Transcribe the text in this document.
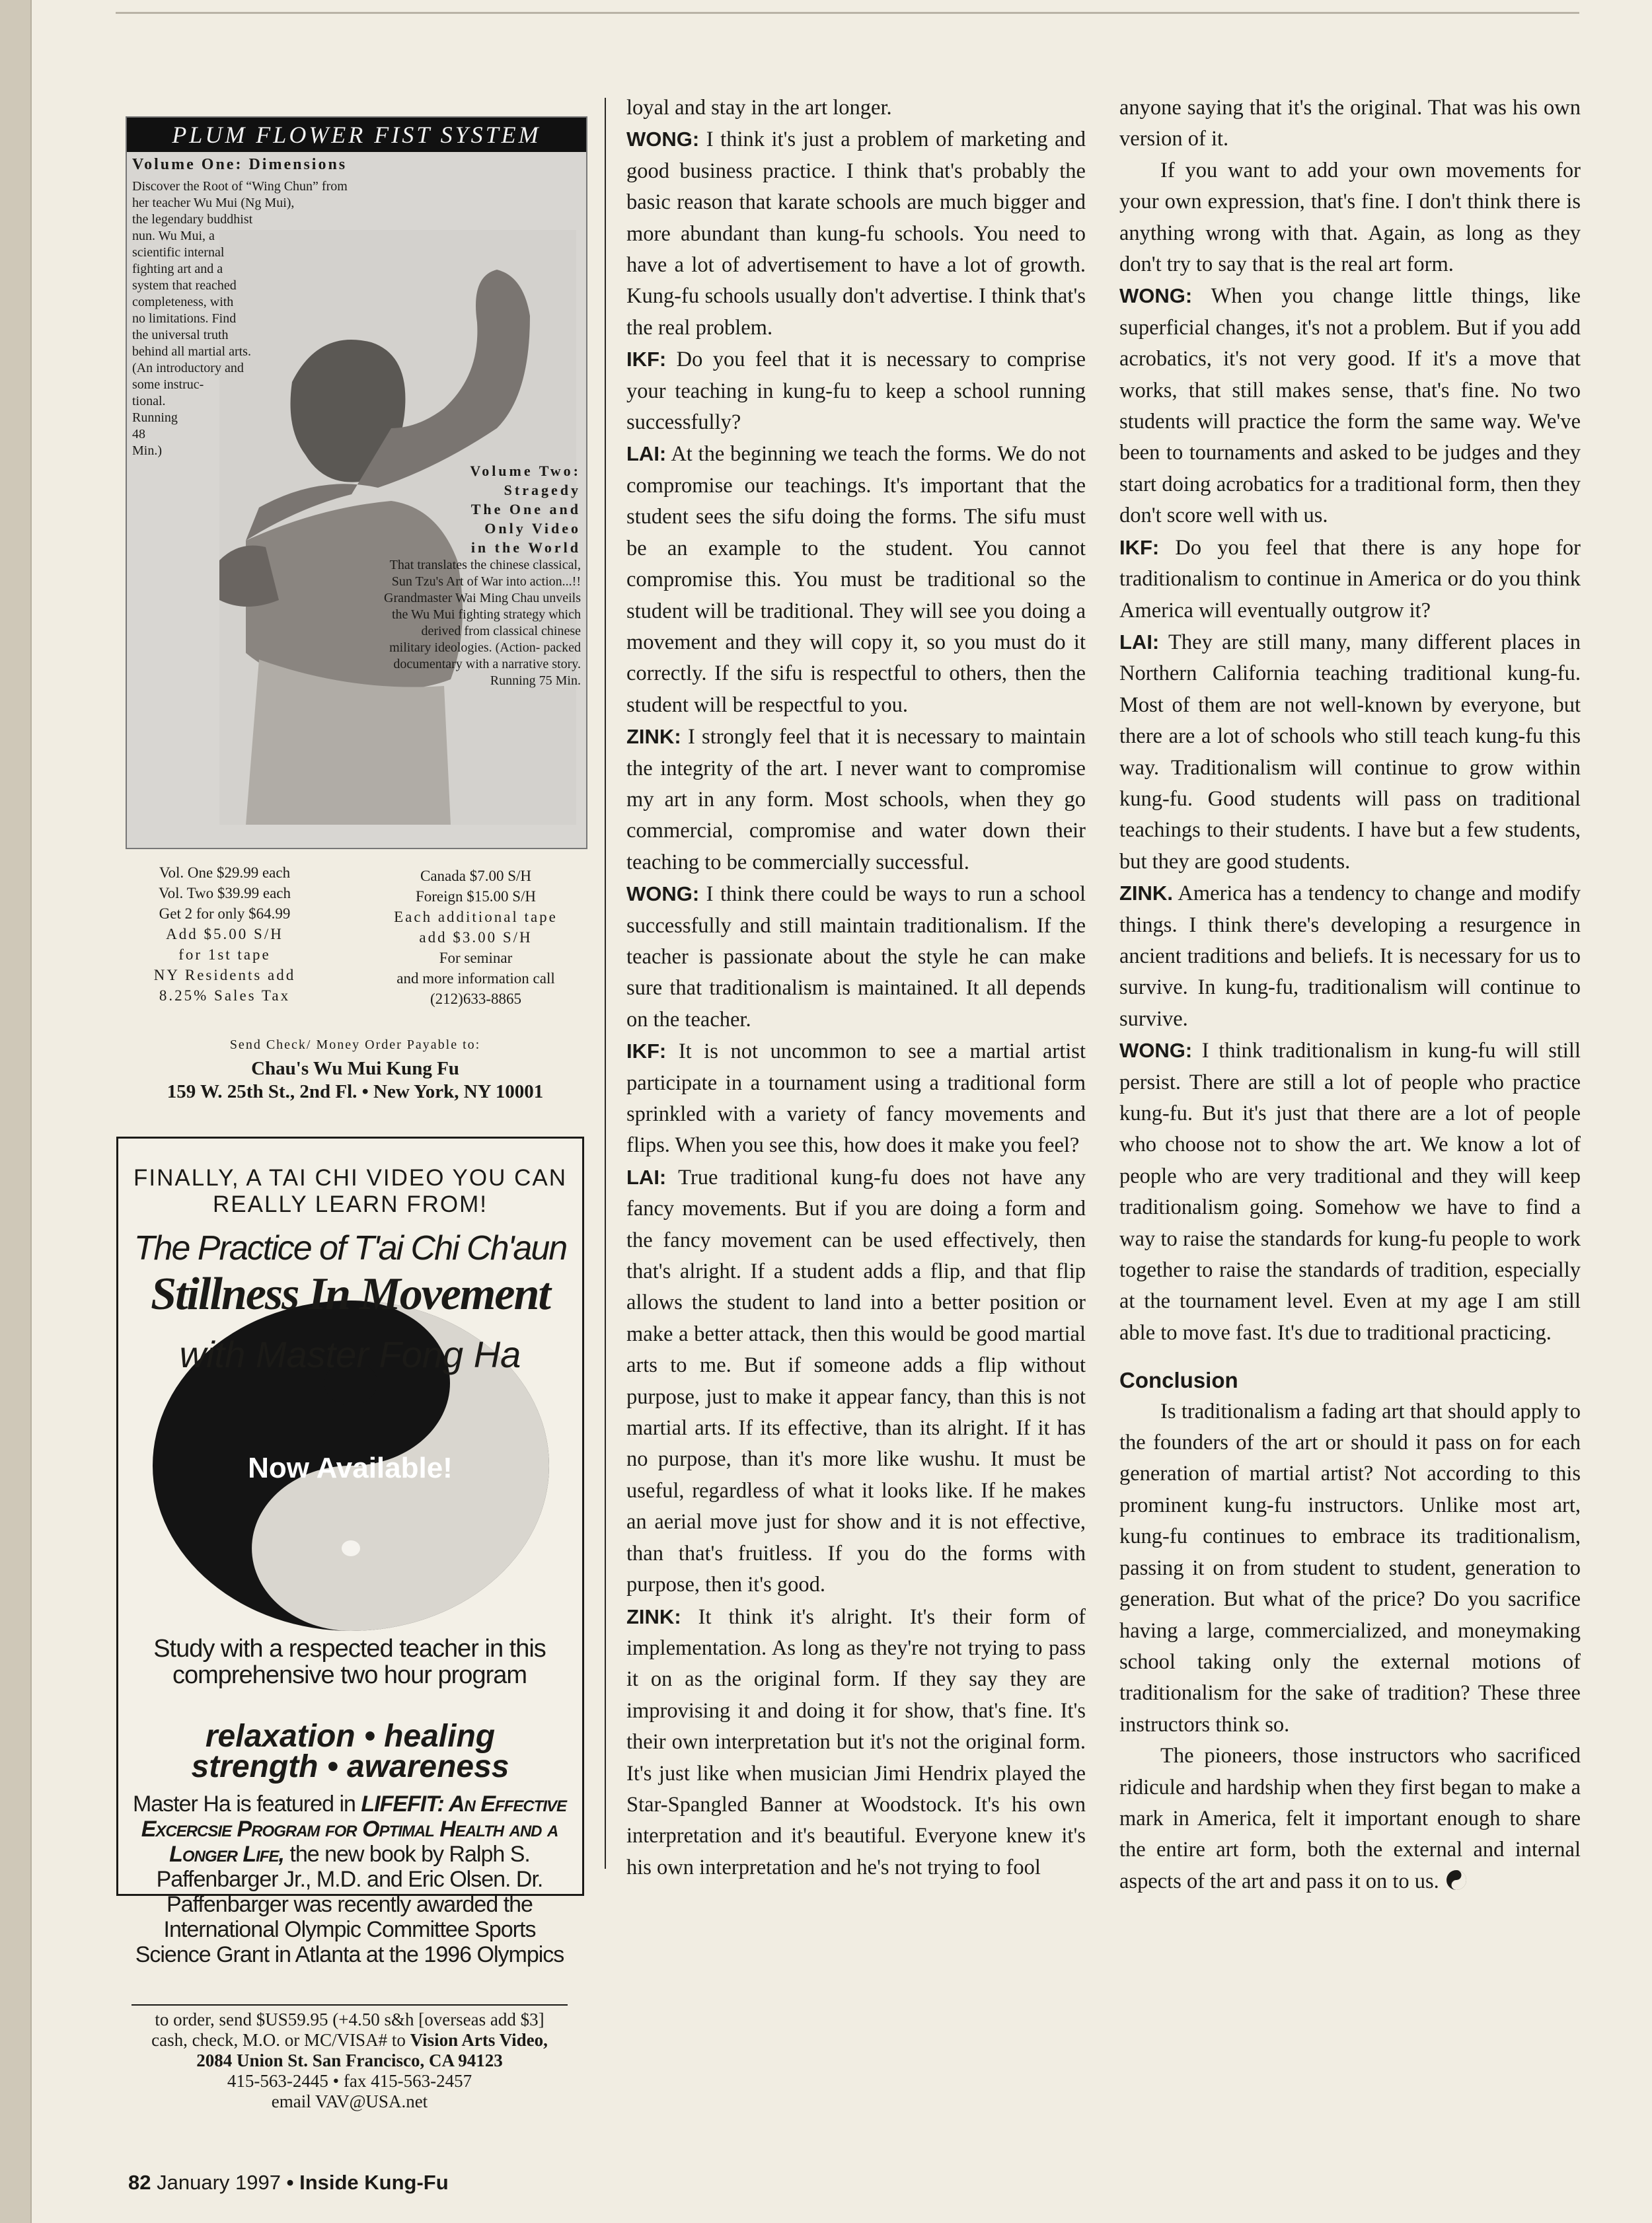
PLUM FLOWER FIST SYSTEM
Volume One: Dimensions
Discover the Root of “Wing Chun” from
her teacher Wu Mui (Ng Mui),
the legendary buddhist
nun. Wu Mui, a
scientific internal
fighting art and a
system that reached
completeness, with
no limitations. Find
the universal truth
behind all martial arts.
(An introductory and
some instruc-
tional.
Running
48
Min.)
Volume Two:
Stragedy
The One and
Only Video
in the World
That translates the chinese classical, Sun Tzu's Art of War into action...!! Grandmaster Wai Ming Chau unveils the Wu Mui fighting strategy which derived from classical chinese military ideologies. (Action- packed documentary with a narrative story. Running 75 Min.
Vol. One $29.99 each
Vol. Two $39.99 each
Get 2 for only $64.99
Add $5.00 S/H
for 1st tape
NY Residents add
8.25% Sales Tax
Canada $7.00 S/H
Foreign $15.00 S/H
Each additional tape
add $3.00 S/H
For seminar
and more information call
(212)633-8865
Send Check/ Money Order Payable to:
Chau's Wu Mui Kung Fu
159 W. 25th St., 2nd Fl. • New York, NY 10001
FINALLY, A TAI CHI VIDEO YOU CAN REALLY LEARN FROM!
The Practice of T'ai Chi Ch'aun
Stillness In Movement
with Master Fong Ha
Now Available!
Study with a respected teacher in this comprehensive two hour program
relaxation • healing
strength • awareness
Master Ha is featured in LIFEFIT: An Effective Excercsie Program for Optimal Health and a Longer Life, the new book by Ralph S. Paffenbarger Jr., M.D. and Eric Olsen. Dr. Paffenbarger was recently awarded the International Olympic Committee Sports Science Grant in Atlanta at the 1996 Olympics
to order, send $US59.95 (+4.50 s&h [overseas add $3]
cash, check, M.O. or MC/VISA# to Vision Arts Video, 2084 Union St. San Francisco, CA 94123
415-563-2445 • fax 415-563-2457
email VAV@USA.net

loyal and stay in the art longer.

WONG: I think it's just a problem of marketing and good business practice. I think that's probably the basic reason that karate schools are much bigger and more abundant than kung-fu schools. You need to have a lot of advertisement to have a lot of growth. Kung-fu schools usually don't advertise. I think that's the real problem.

IKF: Do you feel that it is necessary to comprise your teaching in kung-fu to keep a school running successfully?

LAI: At the beginning we teach the forms. We do not compromise our teachings. It's important that the student sees the sifu doing the forms. The sifu must be an example to the student. You cannot compromise this. You must be traditional so the student will be traditional. They will see you doing a movement and they will copy it, so you must do it correctly. If the sifu is respectful to others, then the student will be respectful to you.

ZINK: I strongly feel that it is necessary to maintain the integrity of the art. I never want to compromise my art in any form. Most schools, when they go commercial, compromise and water down their teaching to be commercially successful.

WONG: I think there could be ways to run a school successfully and still maintain traditionalism. If the teacher is passionate about the style he can make sure that traditionalism is maintained. It all depends on the teacher.

IKF: It is not uncommon to see a martial artist participate in a tournament using a traditional form sprinkled with a variety of fancy movements and flips. When you see this, how does it make you feel?

LAI: True traditional kung-fu does not have any fancy movements. But if you are doing a form and the fancy movement can be used effectively, then that's alright. If a student adds a flip, and that flip allows the student to land into a better position or make a better attack, then this would be good martial arts to me. But if someone adds a flip without purpose, just to make it appear fancy, than this is not martial arts. If its effective, than its alright. If it has no purpose, than it's more like wushu. It must be useful, regardless of what it looks like. If he makes an aerial move just for show and it is not effective, than that's fruitless. If you do the forms with purpose, then it's good.

ZINK: It think it's alright. It's their form of implementation. As long as they're not trying to pass it on as the original form. If they say they are improvising it and doing it for show, that's fine. It's their own interpretation but it's not the original form. It's just like when musician Jimi Hendrix played the Star-Spangled Banner at Woodstock. It's his own interpretation and it's beautiful. Everyone knew it's his own interpretation and he's not trying to fool

anyone saying that it's the original. That was his own version of it.

If you want to add your own movements for your own expression, that's fine. I don't think there is anything wrong with that. Again, as long as they don't try to say that is the real art form.

WONG: When you change little things, like superficial changes, it's not a problem. But if you add acrobatics, it's not very good. If it's a move that works, that still makes sense, that's fine. No two students will practice the form the same way. We've been to tournaments and asked to be judges and they start doing acrobatics for a traditional form, then they don't score well with us.

IKF: Do you feel that there is any hope for traditionalism to continue in America or do you think America will eventually outgrow it?

LAI: They are still many, many different places in Northern California teaching traditional kung-fu. Most of them are not well-known by everyone, but there are a lot of schools who still teach kung-fu this way. Traditionalism will continue to grow within kung-fu. Good students will pass on traditional teachings to their students. I have but a few students, but they are good students.

ZINK. America has a tendency to change and modify things. I think there's developing a resurgence in ancient traditions and beliefs. It is necessary for us to survive. In kung-fu, traditionalism will continue to survive.

WONG: I think traditionalism in kung-fu will still persist. There are still a lot of people who practice kung-fu. But it's just that there are a lot of people who choose not to show the art. We know a lot of people who are very traditional and they will keep traditionalism going. Somehow we have to find a way to raise the standards for kung-fu people to work together to raise the standards of tradition, especially at the tournament level. Even at my age I am still able to move fast. It's due to traditional practicing.

Conclusion

Is traditionalism a fading art that should apply to the founders of the art or should it pass on for each generation of martial artist? Not according to this prominent kung-fu instructors. Unlike most art, kung-fu continues to embrace its traditionalism, passing it on from student to student, generation to generation. But what of the price? Do you sacrifice having a large, commercialized, and moneymaking school taking only the external motions of traditionalism for the sake of tradition? These three instructors think so.

The pioneers, those instructors who sacrificed ridicule and hardship when they first began to make a mark in America, felt it important enough to share the entire art form, both the external and internal aspects of the art and pass it on to us.

82 January 1997 • Inside Kung-Fu
